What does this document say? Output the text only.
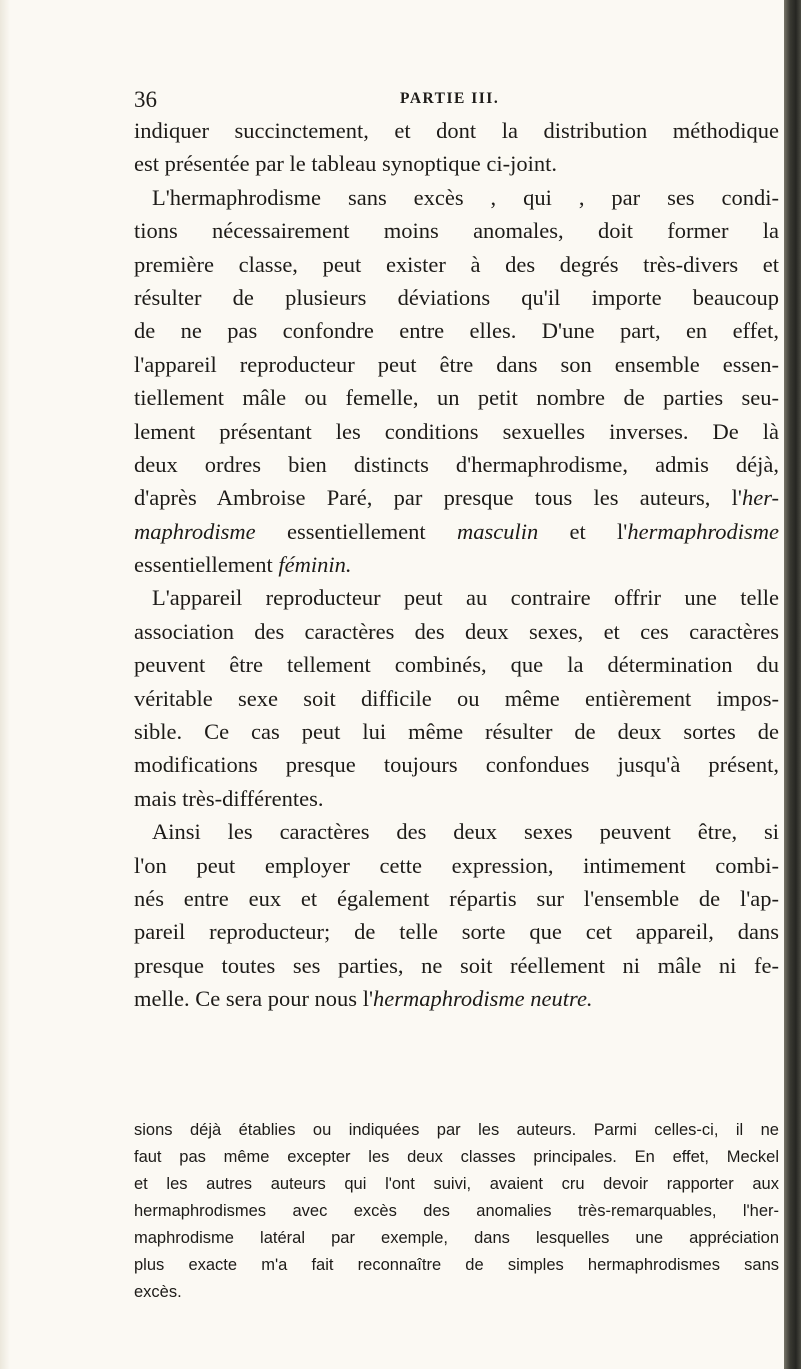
36	PARTIE III.
indiquer succinctement, et dont la distribution méthodique
est présentée par le tableau synoptique ci-joint.
L'hermaphrodisme sans excès , qui , par ses condi-
tions nécessairement moins anomales, doit former la
première classe, peut exister à des degrés très-divers et
résulter de plusieurs déviations qu'il importe beaucoup
de ne pas confondre entre elles. D'une part, en effet,
l'appareil reproducteur peut être dans son ensemble essen-
tiellement mâle ou femelle, un petit nombre de parties seu-
lement présentant les conditions sexuelles inverses. De là
deux ordres bien distincts d'hermaphrodisme, admis déjà,
d'après Ambroise Paré, par presque tous les auteurs, l'her-
maphrodisme essentiellement masculin et l'hermaphrodisme
essentiellement féminin.
L'appareil reproducteur peut au contraire offrir une telle
association des caractères des deux sexes, et ces caractères
peuvent être tellement combinés, que la détermination du
véritable sexe soit difficile ou même entièrement impos-
sible. Ce cas peut lui même résulter de deux sortes de
modifications presque toujours confondues jusqu'à présent,
mais très-différentes.
Ainsi les caractères des deux sexes peuvent être, si
l'on peut employer cette expression, intimement combi-
nés entre eux et également répartis sur l'ensemble de l'ap-
pareil reproducteur; de telle sorte que cet appareil, dans
presque toutes ses parties, ne soit réellement ni mâle ni fe-
melle. Ce sera pour nous l'hermaphrodisme neutre.
sions déjà établies ou indiquées par les auteurs. Parmi celles-ci, il ne
faut pas même excepter les deux classes principales. En effet, Meckel
et les autres auteurs qui l'ont suivi, avaient cru devoir rapporter aux
hermaphrodismes avec excès des anomalies très-remarquables, l'her-
maphrodisme latéral par exemple, dans lesquelles une appréciation
plus exacte m'a fait reconnaître de simples hermaphrodismes sans
excès.
